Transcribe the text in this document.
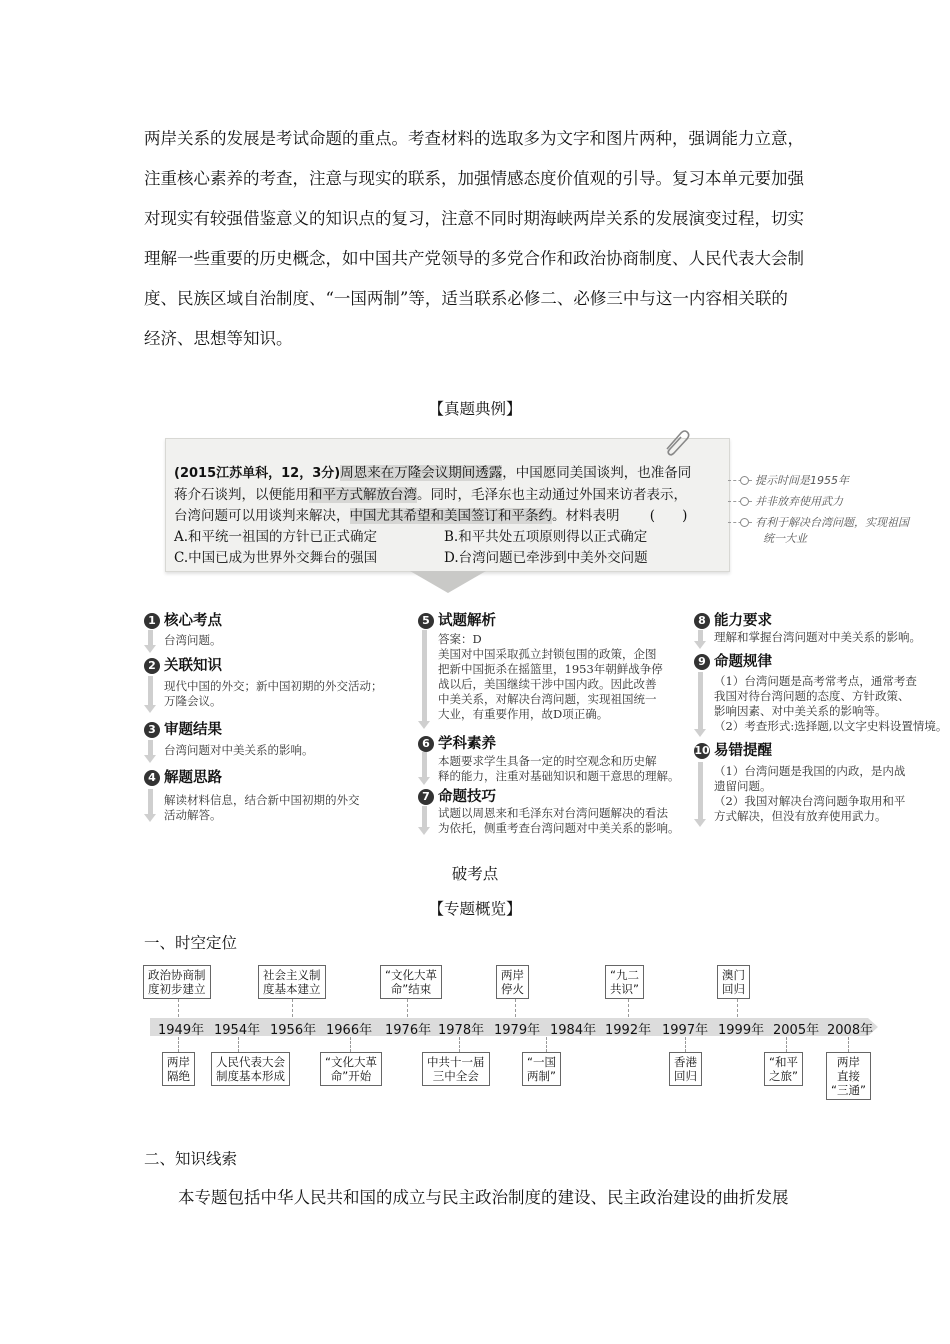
两岸关系的发展是考试命题的重点。考查材料的选取多为文字和图片两种，强调能力立意，

注重核心素养的考查，注意与现实的联系，加强情感态度价值观的引导。复习本单元要加强

对现实有较强借鉴意义的知识点的复习，注意不同时期海峡两岸关系的发展演变过程，切实

理解一些重要的历史概念，如中国共产党领导的多党合作和政治协商制度、人民代表大会制

度、民族区域自治制度、“一国两制”等，适当联系必修二、必修三中与这一内容相关联的

经济、思想等知识。

【真题典例】
(2015江苏单科，12，3分)周恩来在万隆会议期间透露，中国愿同美国谈判，也准备同
蒋介石谈判，以便能用和平方式解放台湾。同时，毛泽东也主动通过外国来访者表示，
台湾问题可以用谈判来解决，中国尤其希望和美国签订和平条约。材料表明 (　　)
A.和平统一祖国的方针已正式确定	B.和平共处五项原则得以正式确定
C.中国已成为世界外交舞台的强国	D.台湾问题已牵涉到中美外交问题
提示时间是1955年
并非放弃使用武力
有利于解决台湾问题，实现祖国
统一大业
1 核心考点
台湾问题。
2 关联知识
现代中国的外交；新中国初期的外交活动；
万隆会议。
3 审题结果
台湾问题对中美关系的影响。
4 解题思路
解读材料信息，结合新中国初期的外交
活动解答。
5 试题解析
答案：D
美国对中国采取孤立封锁包围的政策，企图
把新中国扼杀在摇篮里，1953年朝鲜战争停
战以后，美国继续干涉中国内政。因此改善
中美关系，对解决台湾问题，实现祖国统一
大业，有重要作用，故D项正确。
6 学科素养
本题要求学生具备一定的时空观念和历史解
释的能力，注重对基础知识和题干意思的理解。
7 命题技巧
试题以周恩来和毛泽东对台湾问题解决的看法
为依托，侧重考查台湾问题对中美关系的影响。
8 能力要求
理解和掌握台湾问题对中美关系的影响。
9 命题规律
（1）台湾问题是高考常考点，通常考查
我国对待台湾问题的态度、方针政策、
影响因素、对中美关系的影响等。
（2）考查形式:选择题,以文字史料设置情境。
10 易错提醒
（1）台湾问题是我国的内政，是内战
遗留问题。
（2）我国对解决台湾问题争取用和平
方式解决，但没有放弃使用武力。
破考点
【专题概览】
一、时空定位
1949年 1954年 1956年 1966年 1976年 1978年 1979年 1984年 1992年 1997年 1999年 2005年 2008年
政治协商制
度初步建立
社会主义制
度基本建立
“文化大革
命”结束
两岸
停火
“九二
共识”
澳门
回归
两岸
隔绝
人民代表大会
制度基本形成
“文化大革
命”开始
中共十一届
三中全会
“一国
两制”
香港
回归
“和平
之旅”
两岸
直接
“三通”
二、知识线索
本专题包括中华人民共和国的成立与民主政治制度的建设、民主政治建设的曲折发展
